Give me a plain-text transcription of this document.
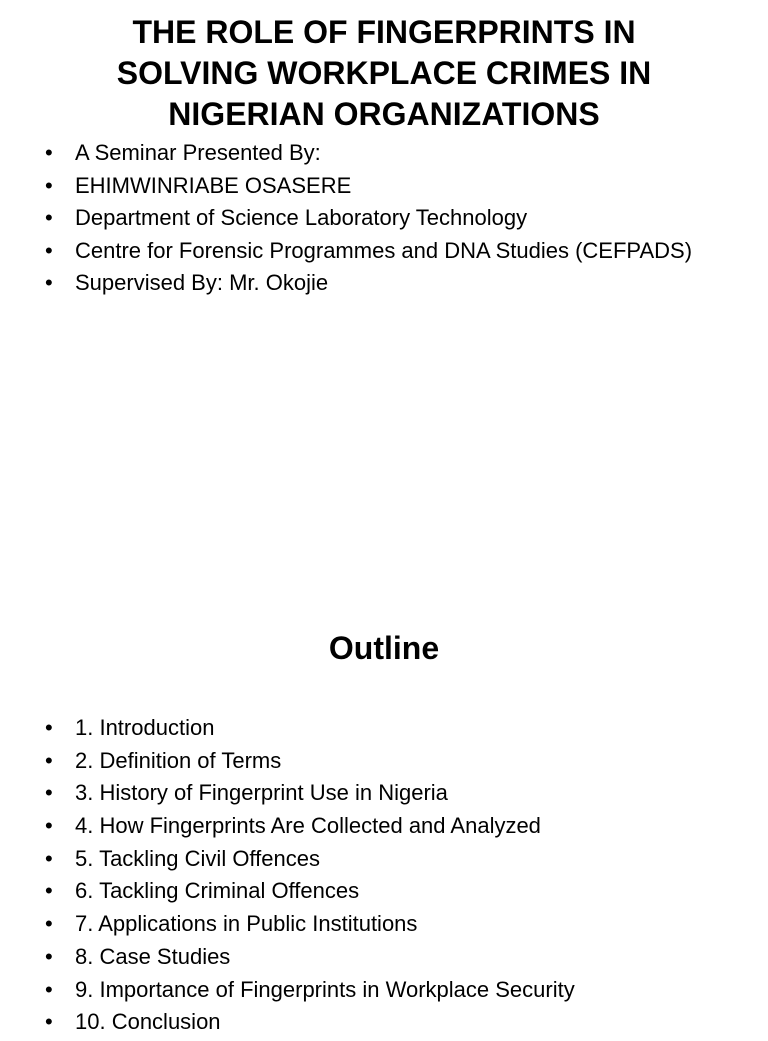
THE ROLE OF FINGERPRINTS IN SOLVING WORKPLACE CRIMES IN NIGERIAN ORGANIZATIONS
• A Seminar Presented By:
• EHIMWINRIABE OSASERE
• Department of Science Laboratory Technology
• Centre for Forensic Programmes and DNA Studies (CEFPADS)
• Supervised By: Mr. Okojie
Outline
• 1. Introduction
• 2. Definition of Terms
• 3. History of Fingerprint Use in Nigeria
• 4. How Fingerprints Are Collected and Analyzed
• 5. Tackling Civil Offences
• 6. Tackling Criminal Offences
• 7. Applications in Public Institutions
• 8. Case Studies
• 9. Importance of Fingerprints in Workplace Security
• 10. Conclusion
